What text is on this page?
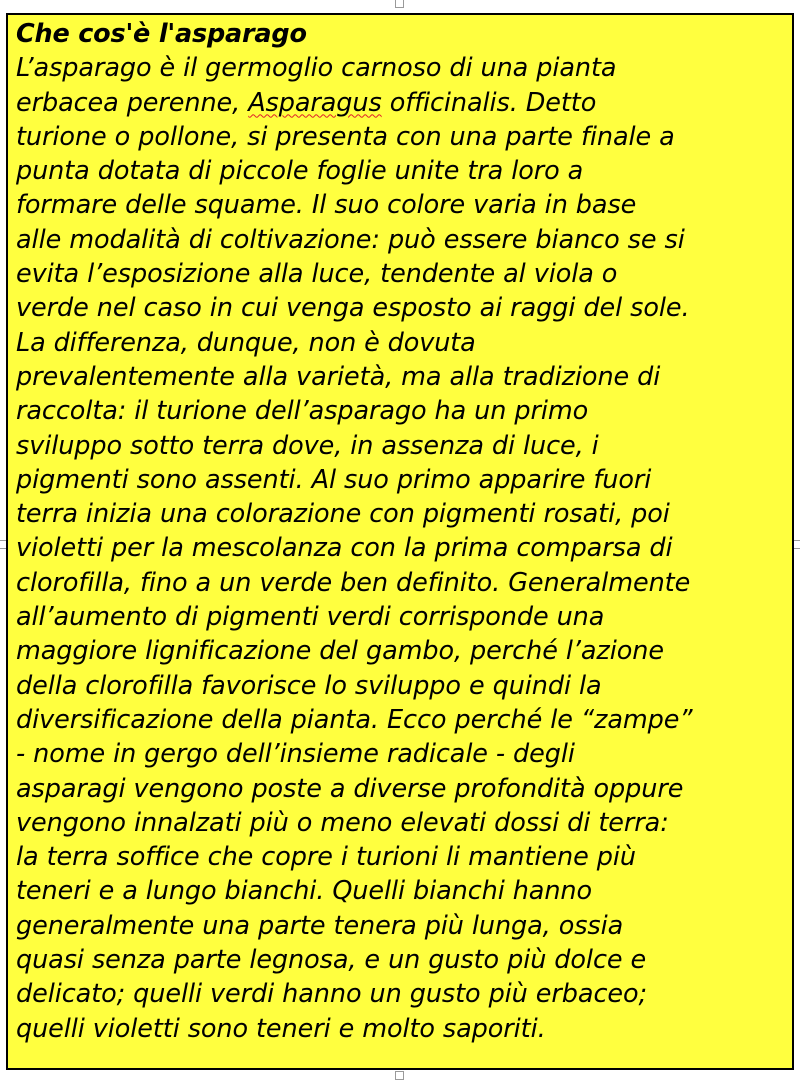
Che cos'è l'asparago
L’asparago è il germoglio carnoso di una pianta
erbacea perenne, Asparagus officinalis. Detto
turione o pollone, si presenta con una parte finale a
punta dotata di piccole foglie unite tra loro a
formare delle squame. Il suo colore varia in base
alle modalità di coltivazione: può essere bianco se si
evita l’esposizione alla luce, tendente al viola o
verde nel caso in cui venga esposto ai raggi del sole.
La differenza, dunque, non è dovuta
prevalentemente alla varietà, ma alla tradizione di
raccolta: il turione dell’asparago ha un primo
sviluppo sotto terra dove, in assenza di luce, i
pigmenti sono assenti. Al suo primo apparire fuori
terra inizia una colorazione con pigmenti rosati, poi
violetti per la mescolanza con la prima comparsa di
clorofilla, fino a un verde ben definito. Generalmente
all’aumento di pigmenti verdi corrisponde una
maggiore lignificazione del gambo, perché l’azione
della clorofilla favorisce lo sviluppo e quindi la
diversificazione della pianta. Ecco perché le “zampe”
- nome in gergo dell’insieme radicale - degli
asparagi vengono poste a diverse profondità oppure
vengono innalzati più o meno elevati dossi di terra:
la terra soffice che copre i turioni li mantiene più
teneri e a lungo bianchi. Quelli bianchi hanno
generalmente una parte tenera più lunga, ossia
quasi senza parte legnosa, e un gusto più dolce e
delicato; quelli verdi hanno un gusto più erbaceo;
quelli violetti sono teneri e molto saporiti.
